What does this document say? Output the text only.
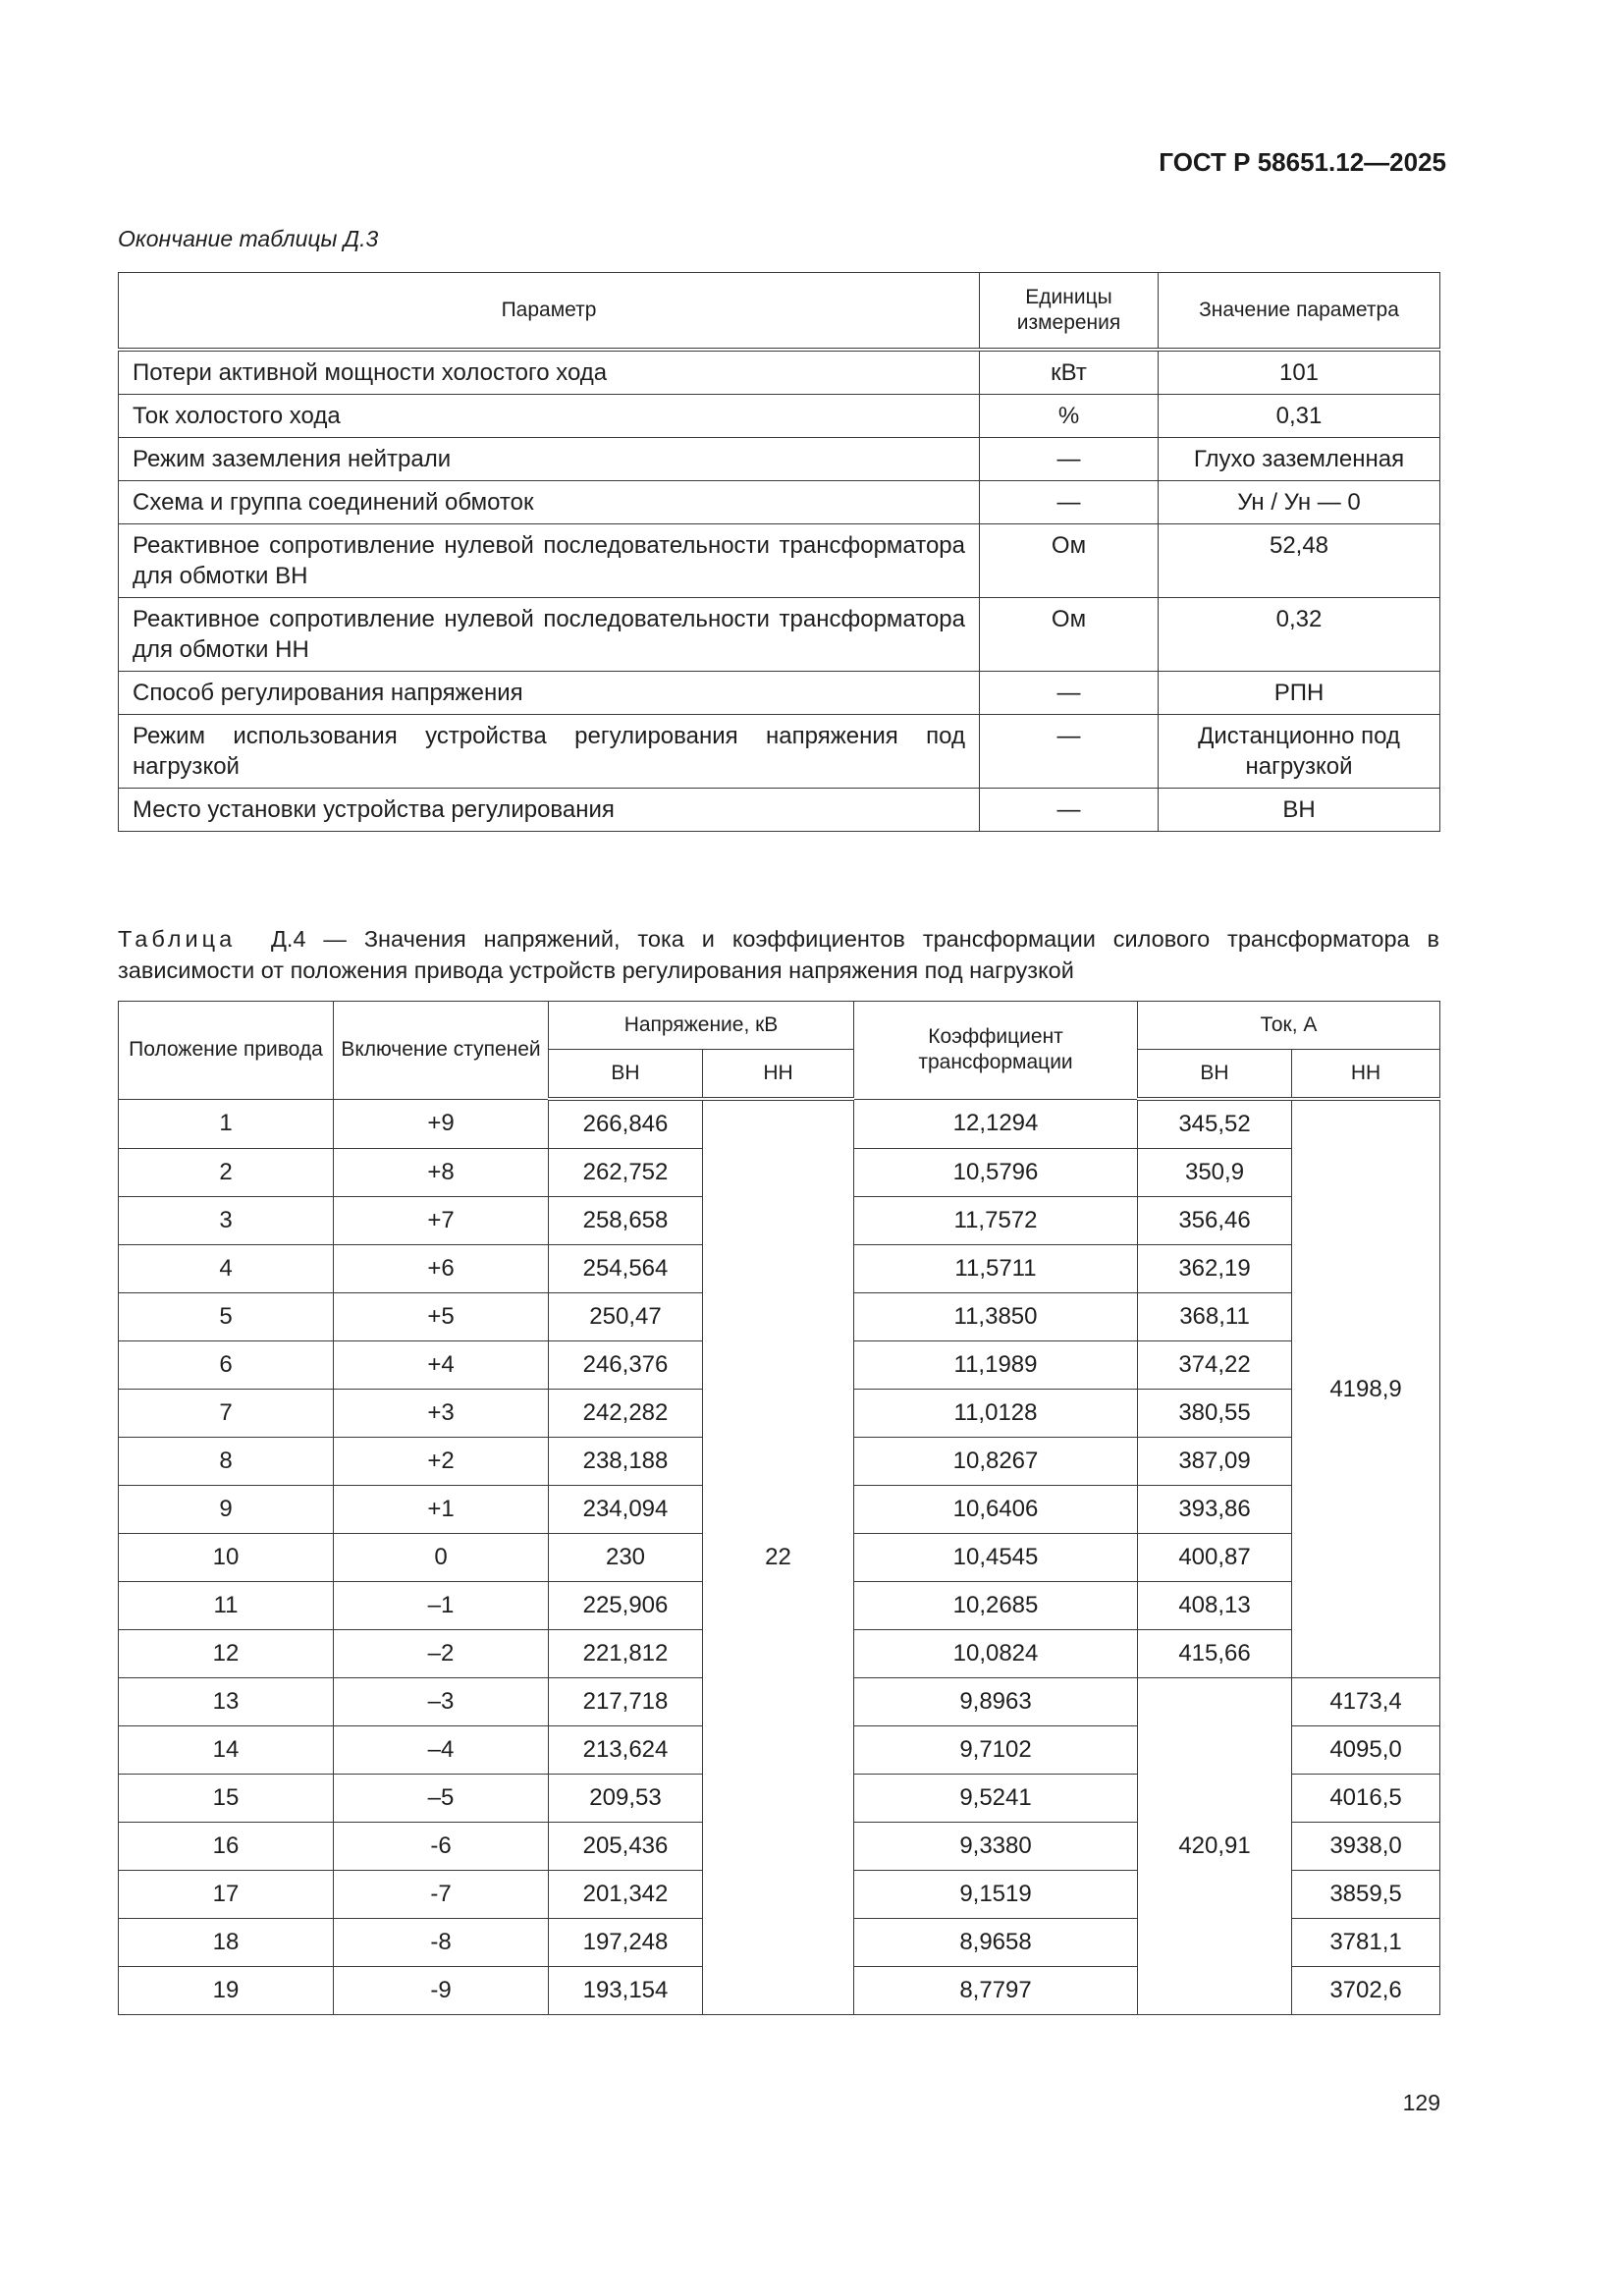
ГОСТ Р 58651.12—2025
Окончание таблицы Д.3
Параметр	Единицы измерения	Значение параметра
Потери активной мощности холостого хода	кВт	101
Ток холостого хода	%	0,31
Режим заземления нейтрали	—	Глухо заземленная
Схема и группа соединений обмоток	—	Ун / Ун — 0
Реактивное сопротивление нулевой последовательности трансформатора для обмотки ВН	Ом	52,48
Реактивное сопротивление нулевой последовательности трансформатора для обмотки НН	Ом	0,32
Способ регулирования напряжения	—	РПН
Режим использования устройства регулирования напряжения под нагрузкой	—	Дистанционно под нагрузкой
Место установки устройства регулирования	—	ВН
Таблица Д.4 — Значения напряжений, тока и коэффициентов трансформации силового трансформатора в зависимости от положения привода устройств регулирования напряжения под нагрузкой
Положение привода	Включение ступеней	Напряжение, кВ		Коэффициент трансформации	Ток, А	
		ВН	НН		ВН	НН
1	+9	266,846	22	12,1294	345,52	4198,9
2	+8	262,752		10,5796	350,9	
3	+7	258,658		11,7572	356,46	
4	+6	254,564		11,5711	362,19	
5	+5	250,47		11,3850	368,11	
6	+4	246,376		11,1989	374,22	
7	+3	242,282		11,0128	380,55	
8	+2	238,188		10,8267	387,09	
9	+1	234,094		10,6406	393,86	
10	0	230		10,4545	400,87	
11	–1	225,906		10,2685	408,13	
12	–2	221,812		10,0824	415,66	
13	–3	217,718		9,8963	420,91	4173,4
14	–4	213,624		9,7102		4095,0
15	–5	209,53		9,5241		4016,5
16	-6	205,436		9,3380		3938,0
17	-7	201,342		9,1519		3859,5
18	-8	197,248		8,9658		3781,1
19	-9	193,154		8,7797		3702,6
129
